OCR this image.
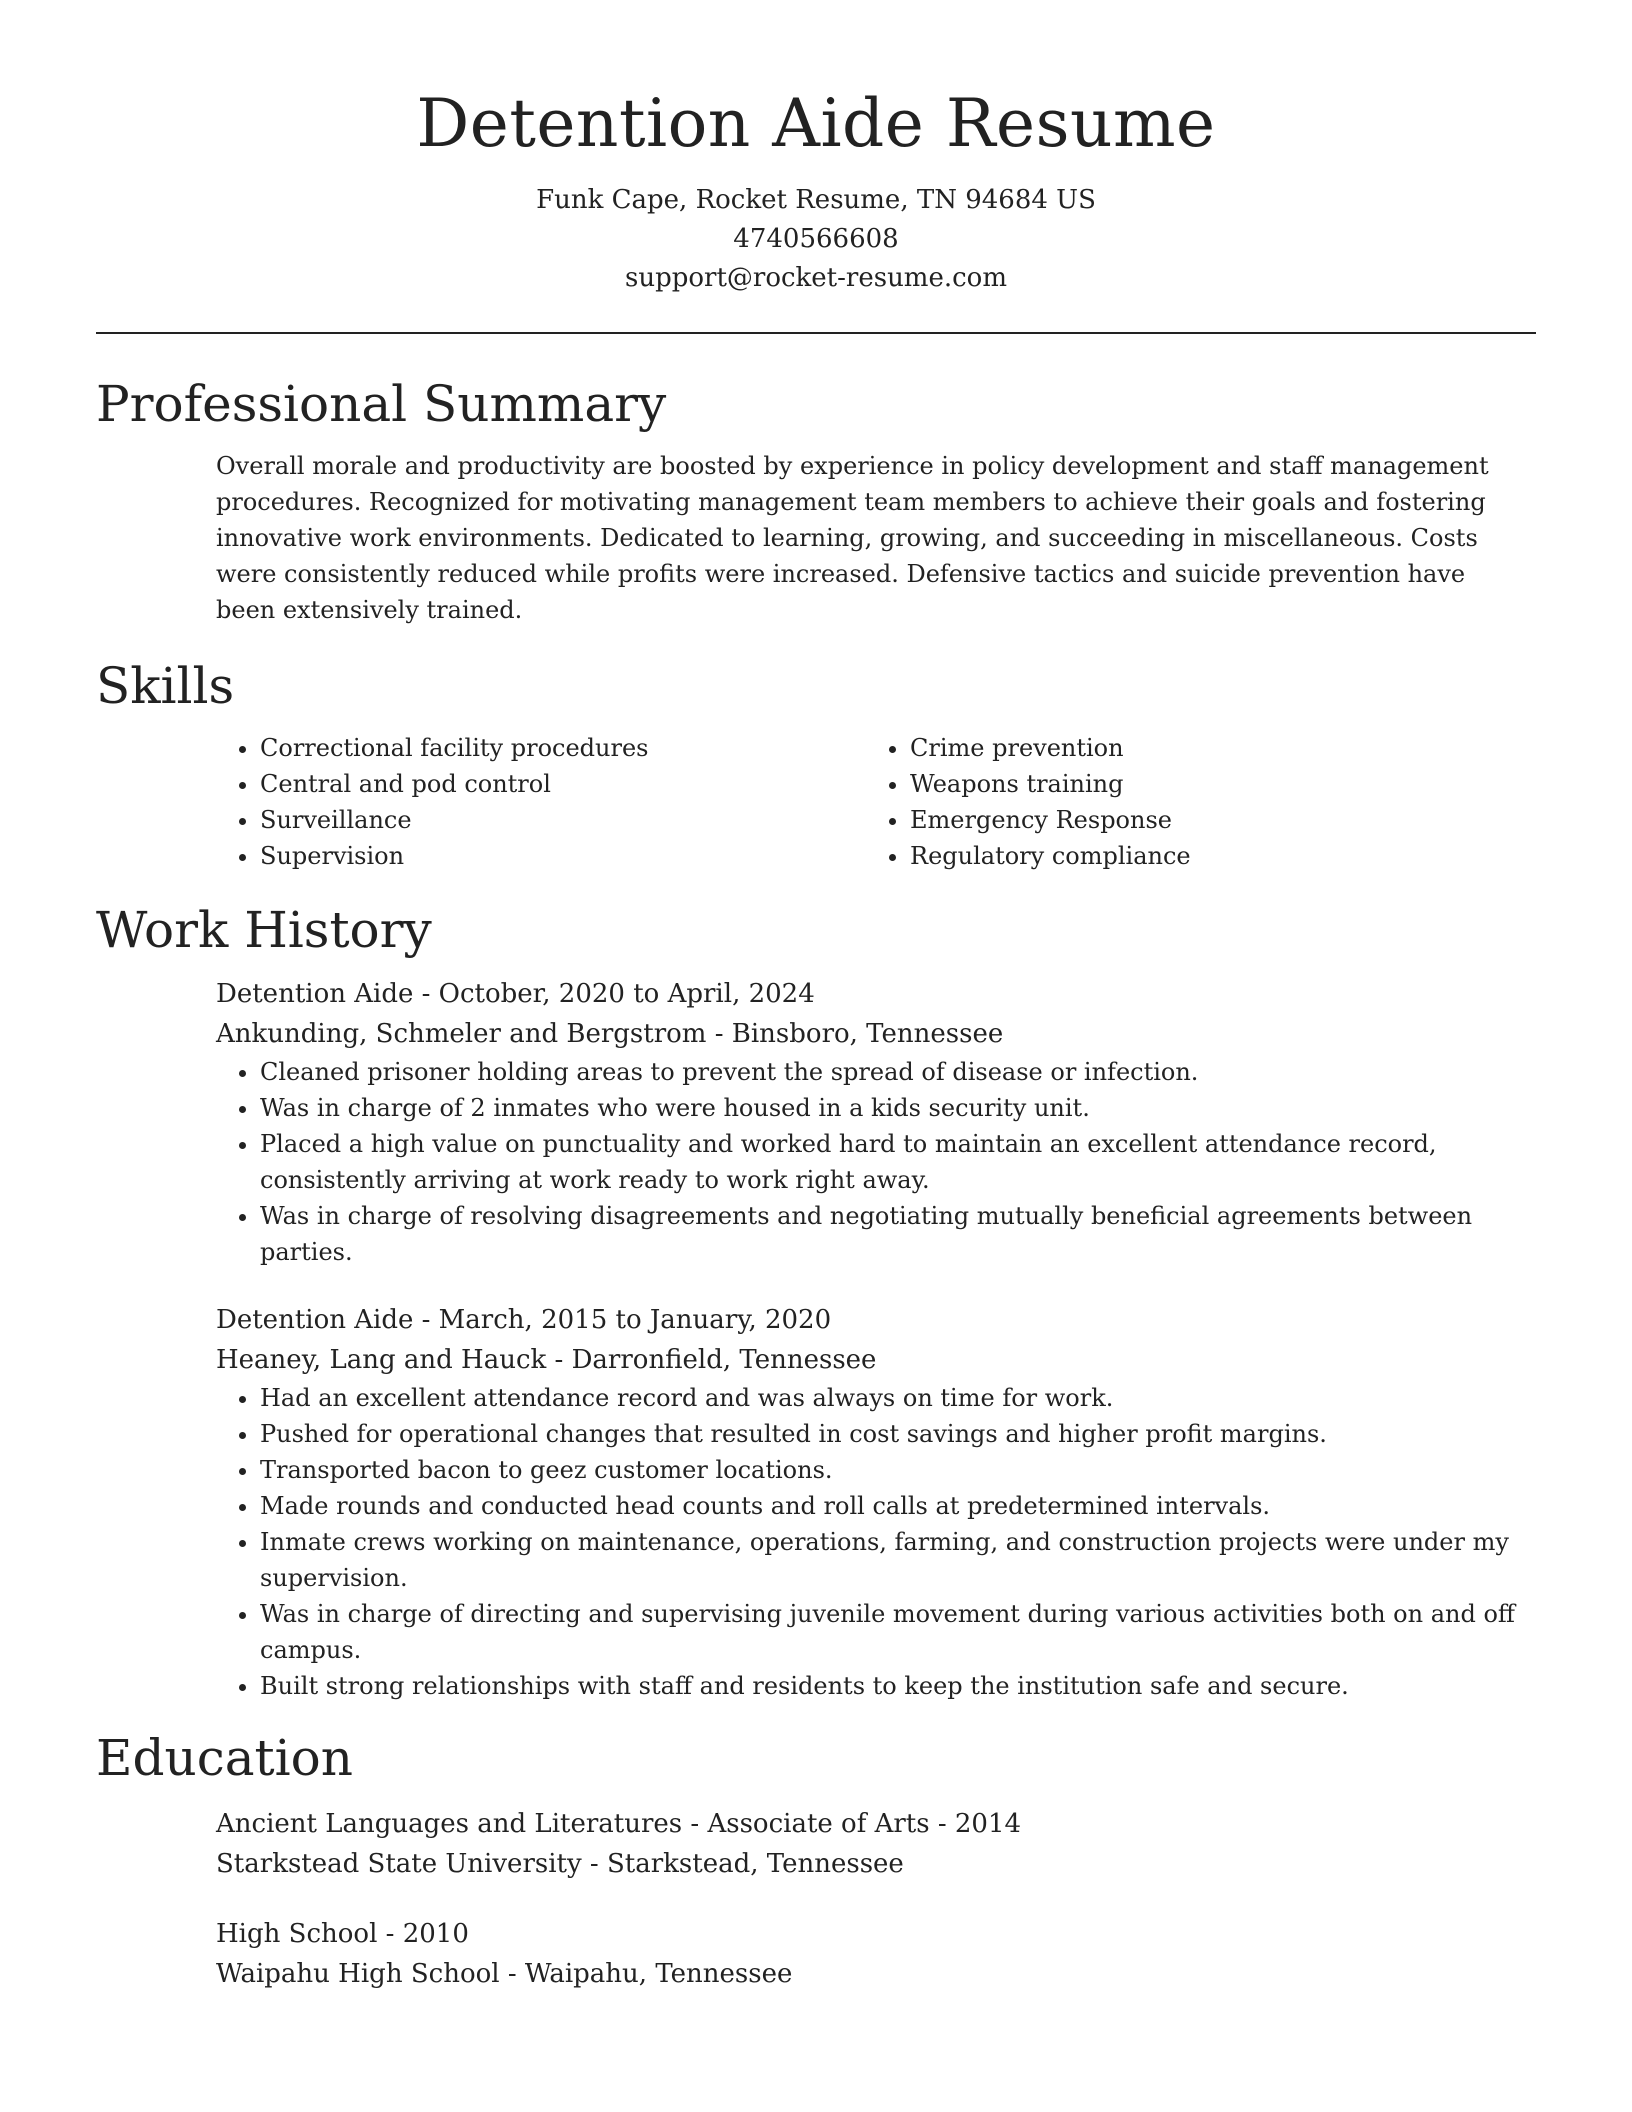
Detention Aide Resume
Funk Cape, Rocket Resume, TN 94684 US
4740566608
support@rocket-resume.com
Professional Summary

Overall morale and productivity are boosted by experience in policy development and staff management procedures. Recognized for motivating management team members to achieve their goals and fostering innovative work environments. Dedicated to learning, growing, and succeeding in miscellaneous. Costs were consistently reduced while profits were increased. Defensive tactics and suicide prevention have been extensively trained.

Skills
• Correctional facility procedures
• Central and pod control
• Surveillance
• Supervision
• Crime prevention
• Weapons training
• Emergency Response
• Regulatory compliance
Work History
Detention Aide - October, 2020 to April, 2024
Ankunding, Schmeler and Bergstrom - Binsboro, Tennessee
• Cleaned prisoner holding areas to prevent the spread of disease or infection.
• Was in charge of 2 inmates who were housed in a kids security unit.
• Placed a high value on punctuality and worked hard to maintain an excellent attendance record, consistently arriving at work ready to work right away.
• Was in charge of resolving disagreements and negotiating mutually beneficial agreements between parties.
Detention Aide - March, 2015 to January, 2020
Heaney, Lang and Hauck - Darronfield, Tennessee
• Had an excellent attendance record and was always on time for work.
• Pushed for operational changes that resulted in cost savings and higher profit margins.
• Transported bacon to geez customer locations.
• Made rounds and conducted head counts and roll calls at predetermined intervals.
• Inmate crews working on maintenance, operations, farming, and construction projects were under my supervision.
• Was in charge of directing and supervising juvenile movement during various activities both on and off campus.
• Built strong relationships with staff and residents to keep the institution safe and secure.
Education
Ancient Languages and Literatures - Associate of Arts - 2014
Starkstead State University - Starkstead, Tennessee
High School - 2010
Waipahu High School - Waipahu, Tennessee
